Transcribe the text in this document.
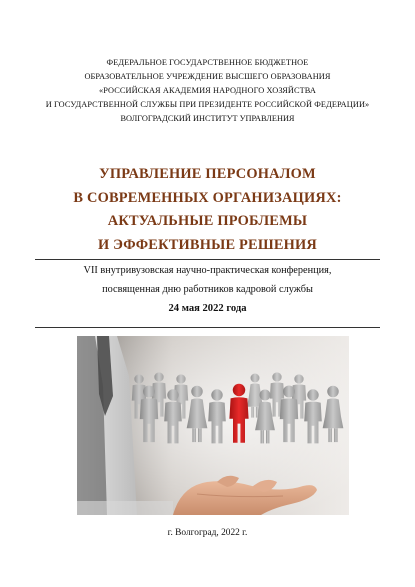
ФЕДЕРАЛЬНОЕ ГОСУДАРСТВЕННОЕ БЮДЖЕТНОЕ
ОБРАЗОВАТЕЛЬНОЕ УЧРЕЖДЕНИЕ ВЫСШЕГО ОБРАЗОВАНИЯ
«РОССИЙСКАЯ АКАДЕМИЯ НАРОДНОГО ХОЗЯЙСТВА
И ГОСУДАРСТВЕННОЙ СЛУЖБЫ ПРИ ПРЕЗИДЕНТЕ РОССИЙСКОЙ ФЕДЕРАЦИИ»
ВОЛГОГРАДСКИЙ ИНСТИТУТ УПРАВЛЕНИЯ
УПРАВЛЕНИЕ ПЕРСОНАЛОМ
В СОВРЕМЕННЫХ ОРГАНИЗАЦИЯХ:
АКТУАЛЬНЫЕ ПРОБЛЕМЫ
И ЭФФЕКТИВНЫЕ РЕШЕНИЯ
VII внутривузовская научно-практическая конференция,
посвященная дню работников кадровой службы
24 мая 2022 года
г. Волгоград, 2022 г.
